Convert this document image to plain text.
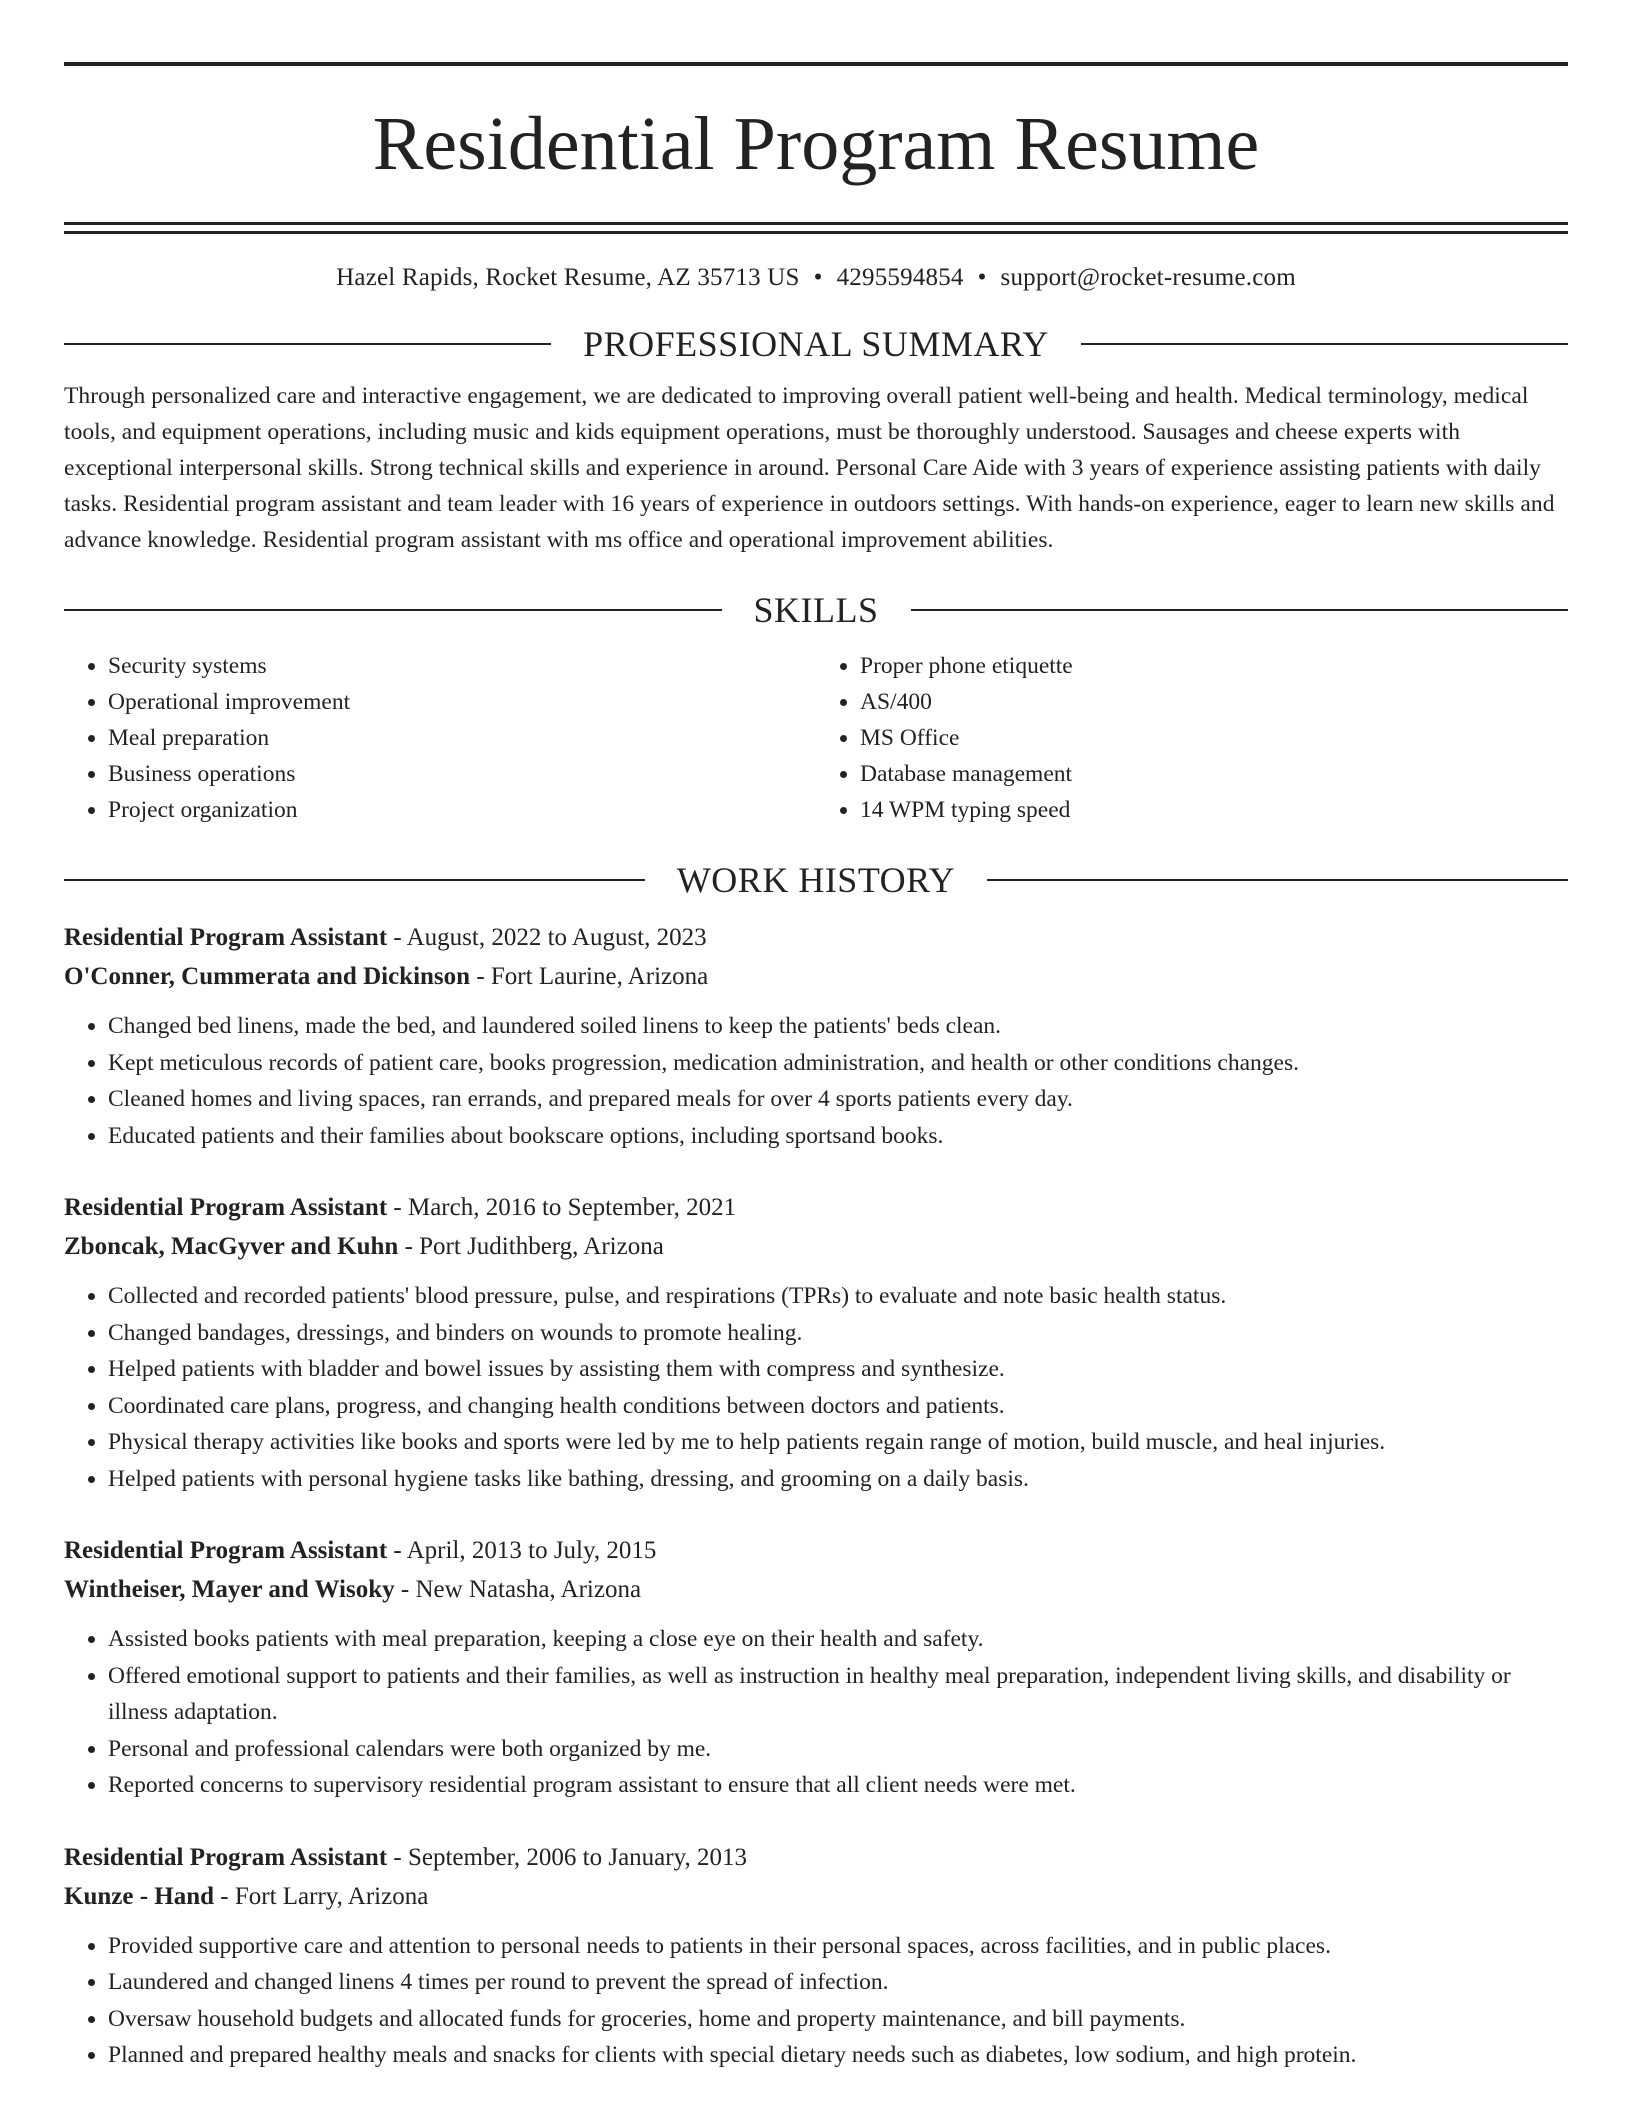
Residential Program Resume
Hazel Rapids, Rocket Resume, AZ 35713 US • 4295594854 • support@rocket-resume.com
PROFESSIONAL SUMMARY
Through personalized care and interactive engagement, we are dedicated to improving overall patient well-being and health. Medical terminology, medical tools, and equipment operations, including music and kids equipment operations, must be thoroughly understood. Sausages and cheese experts with exceptional interpersonal skills. Strong technical skills and experience in around. Personal Care Aide with 3 years of experience assisting patients with daily tasks. Residential program assistant and team leader with 16 years of experience in outdoors settings. With hands-on experience, eager to learn new skills and advance knowledge. Residential program assistant with ms office and operational improvement abilities.
SKILLS
• Security systems
• Operational improvement
• Meal preparation
• Business operations
• Project organization
• Proper phone etiquette
• AS/400
• MS Office
• Database management
• 14 WPM typing speed
WORK HISTORY
Residential Program Assistant - August, 2022 to August, 2023
O'Conner, Cummerata and Dickinson - Fort Laurine, Arizona
• Changed bed linens, made the bed, and laundered soiled linens to keep the patients' beds clean.
• Kept meticulous records of patient care, books progression, medication administration, and health or other conditions changes.
• Cleaned homes and living spaces, ran errands, and prepared meals for over 4 sports patients every day.
• Educated patients and their families about bookscare options, including sportsand books.
Residential Program Assistant - March, 2016 to September, 2021
Zboncak, MacGyver and Kuhn - Port Judithberg, Arizona
• Collected and recorded patients' blood pressure, pulse, and respirations (TPRs) to evaluate and note basic health status.
• Changed bandages, dressings, and binders on wounds to promote healing.
• Helped patients with bladder and bowel issues by assisting them with compress and synthesize.
• Coordinated care plans, progress, and changing health conditions between doctors and patients.
• Physical therapy activities like books and sports were led by me to help patients regain range of motion, build muscle, and heal injuries.
• Helped patients with personal hygiene tasks like bathing, dressing, and grooming on a daily basis.
Residential Program Assistant - April, 2013 to July, 2015
Wintheiser, Mayer and Wisoky - New Natasha, Arizona
• Assisted books patients with meal preparation, keeping a close eye on their health and safety.
• Offered emotional support to patients and their families, as well as instruction in healthy meal preparation, independent living skills, and disability or illness adaptation.
• Personal and professional calendars were both organized by me.
• Reported concerns to supervisory residential program assistant to ensure that all client needs were met.
Residential Program Assistant - September, 2006 to January, 2013
Kunze - Hand - Fort Larry, Arizona
• Provided supportive care and attention to personal needs to patients in their personal spaces, across facilities, and in public places.
• Laundered and changed linens 4 times per round to prevent the spread of infection.
• Oversaw household budgets and allocated funds for groceries, home and property maintenance, and bill payments.
• Planned and prepared healthy meals and snacks for clients with special dietary needs such as diabetes, low sodium, and high protein.
